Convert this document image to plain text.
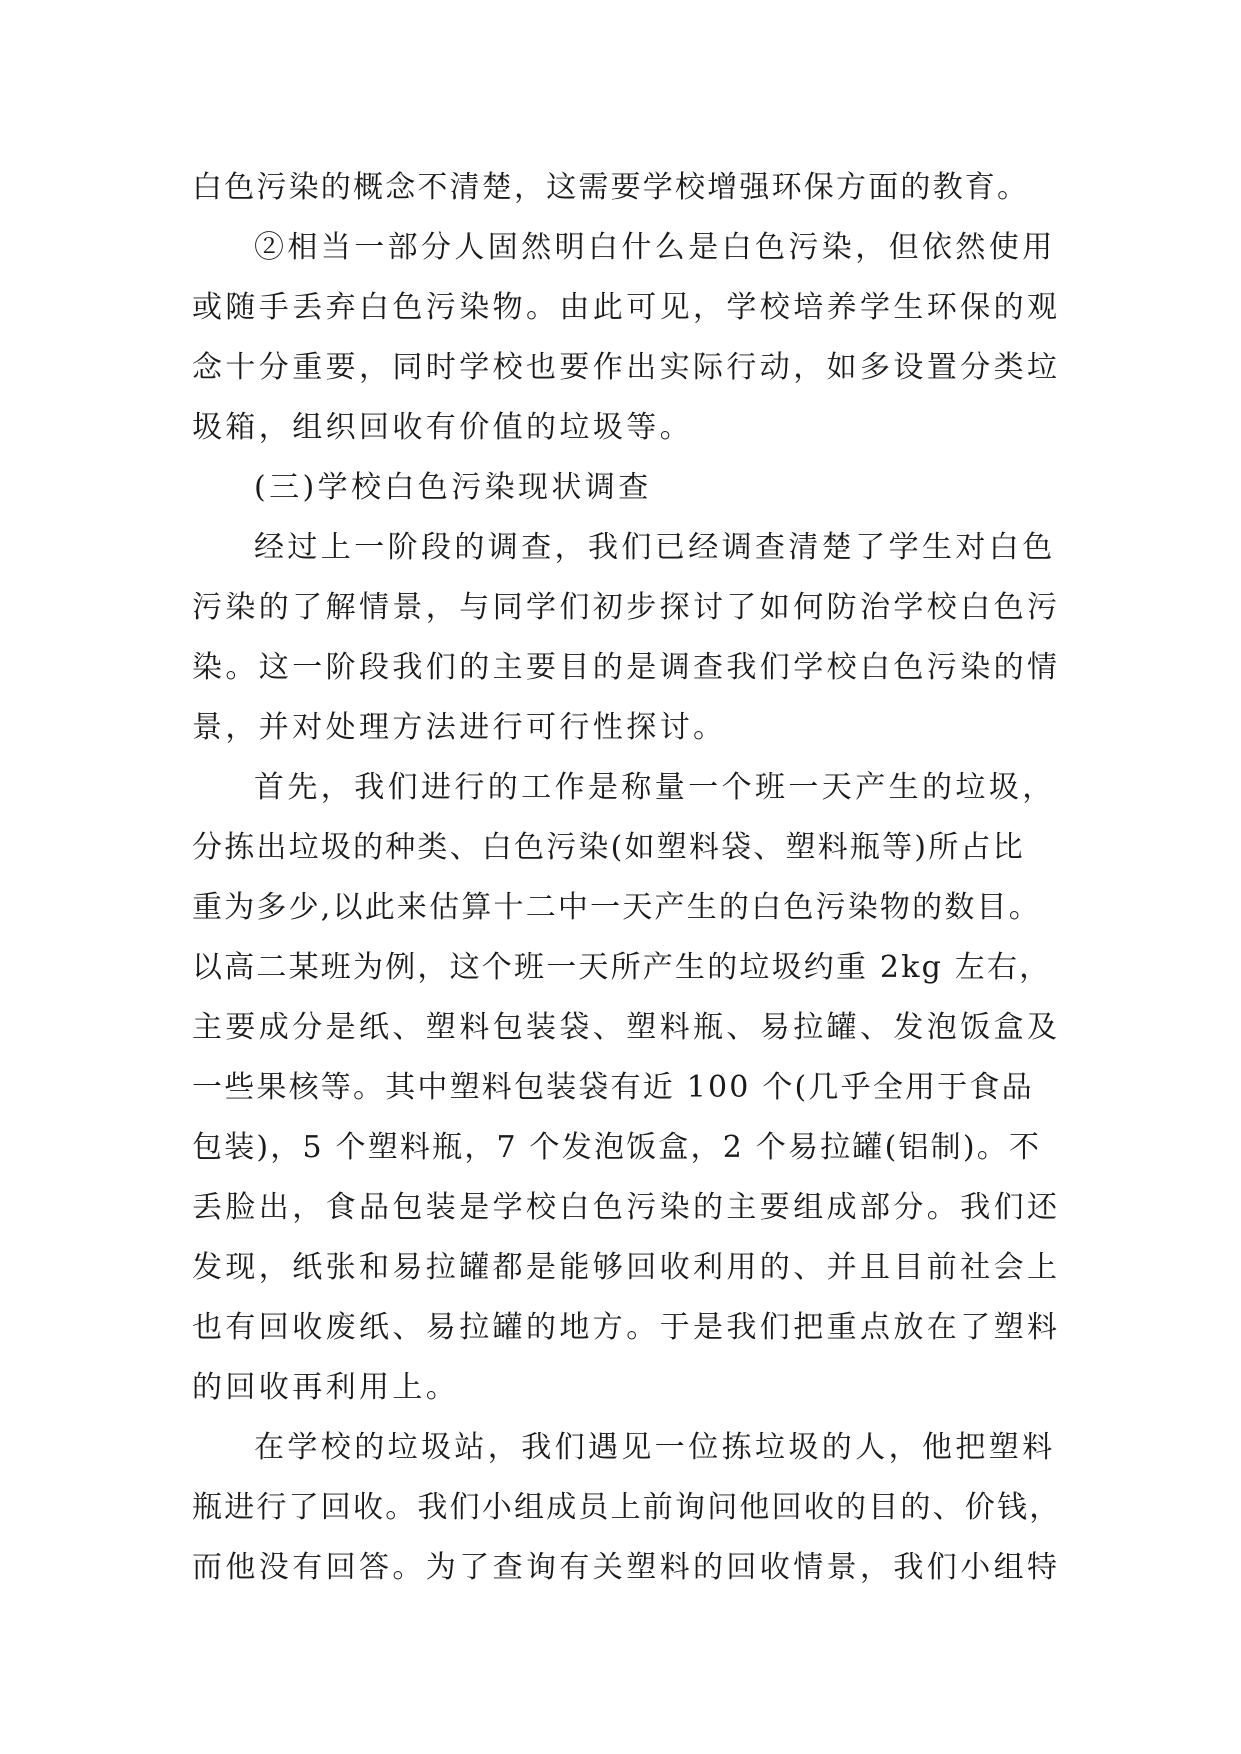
白色污染的概念不清楚，这需要学校增强环保方面的教育。
②相当一部分人固然明白什么是白色污染，但依然使用
或随手丢弃白色污染物。由此可见，学校培养学生环保的观
念十分重要，同时学校也要作出实际行动，如多设置分类垃
圾箱，组织回收有价值的垃圾等。
(三)学校白色污染现状调查
经过上一阶段的调查，我们已经调查清楚了学生对白色
污染的了解情景，与同学们初步探讨了如何防治学校白色污
染。这一阶段我们的主要目的是调查我们学校白色污染的情
景，并对处理方法进行可行性探讨。
首先，我们进行的工作是称量一个班一天产生的垃圾，
分拣出垃圾的种类、白色污染(如塑料袋、塑料瓶等)所占比
重为多少,以此来估算十二中一天产生的白色污染物的数目。
以高二某班为例，这个班一天所产生的垃圾约重 2kg 左右，
主要成分是纸、塑料包装袋、塑料瓶、易拉罐、发泡饭盒及
一些果核等。其中塑料包装袋有近 100 个(几乎全用于食品
包装)，5 个塑料瓶，7 个发泡饭盒，2 个易拉罐(铝制)。不
丢脸出，食品包装是学校白色污染的主要组成部分。我们还
发现，纸张和易拉罐都是能够回收利用的、并且目前社会上
也有回收废纸、易拉罐的地方。于是我们把重点放在了塑料
的回收再利用上。
在学校的垃圾站，我们遇见一位拣垃圾的人，他把塑料
瓶进行了回收。我们小组成员上前询问他回收的目的、价钱，
而他没有回答。为了查询有关塑料的回收情景，我们小组特
